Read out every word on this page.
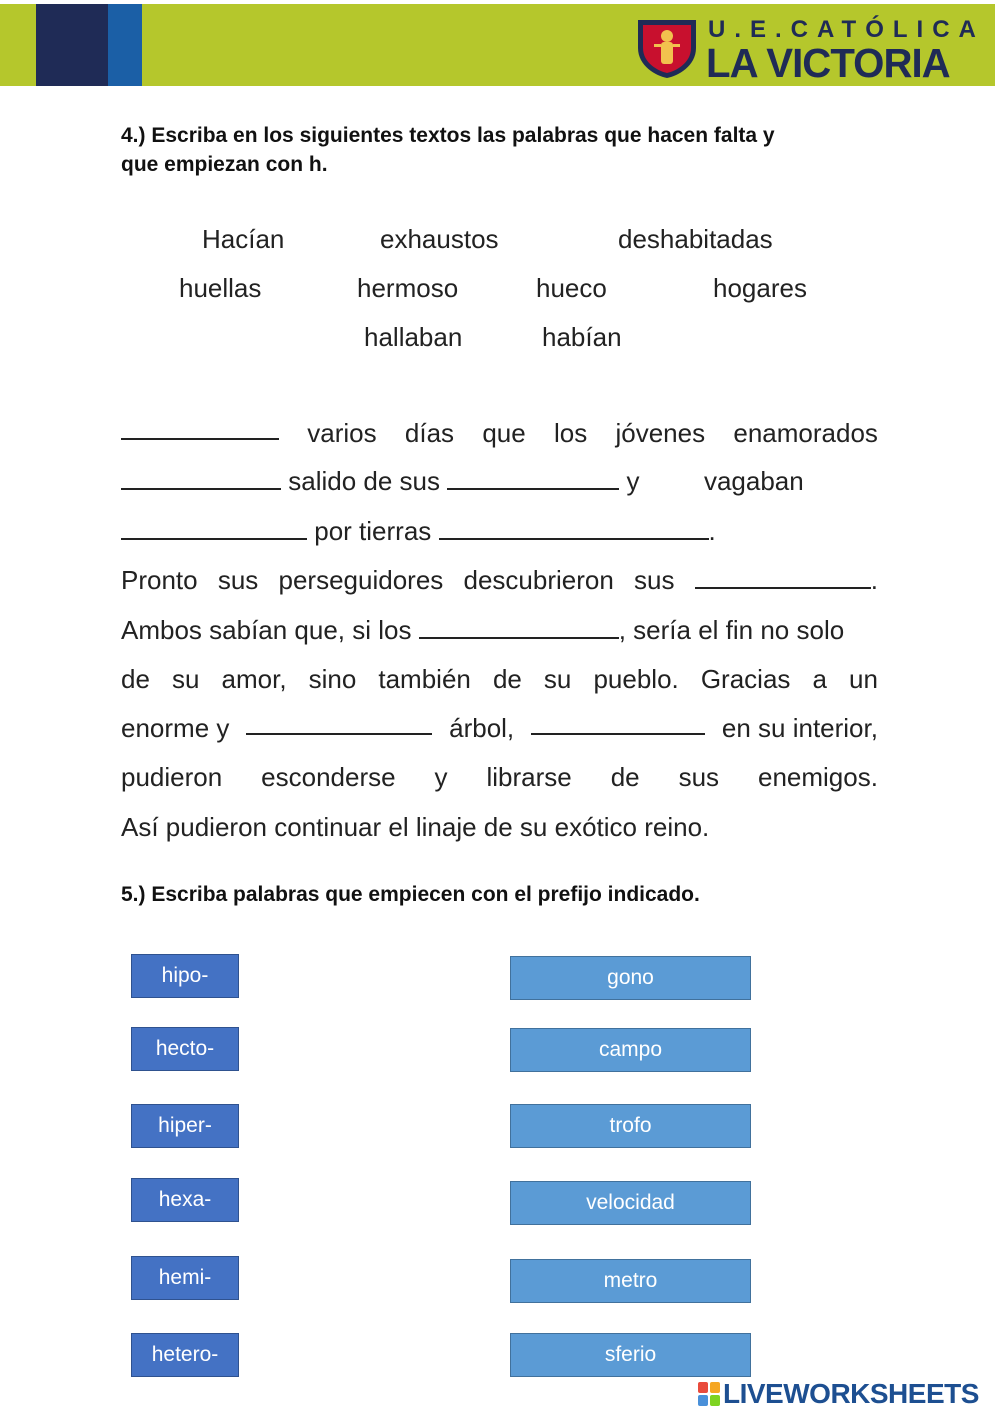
U.E.CATÓLICA
LA VICTORIA
4.) Escriba en los siguientes textos las palabras que hacen falta y
que empiezan con h.
Hacían	exhaustos	deshabitadas
huellas	hermoso	hueco	hogares
hallaban	habían
varios días que los jóvenes enamorados
salido de sus	y vagaban
por tierras	.
Pronto sus perseguidores descubrieron sus	.
Ambos sabían que, si los	, sería el fin no solo
de su amor, sino también de su pueblo. Gracias a un
enorme y	árbol,	en su interior,
pudieron esconderse y librarse de sus enemigos.
Así pudieron continuar el linaje de su exótico reino.
5.) Escriba palabras que empiecen con el prefijo indicado.
hipo-
hecto-
hiper-
hexa-
hemi-
hetero-
gono
campo
trofo
velocidad
metro
sferio
LIVEWORKSHEETS
